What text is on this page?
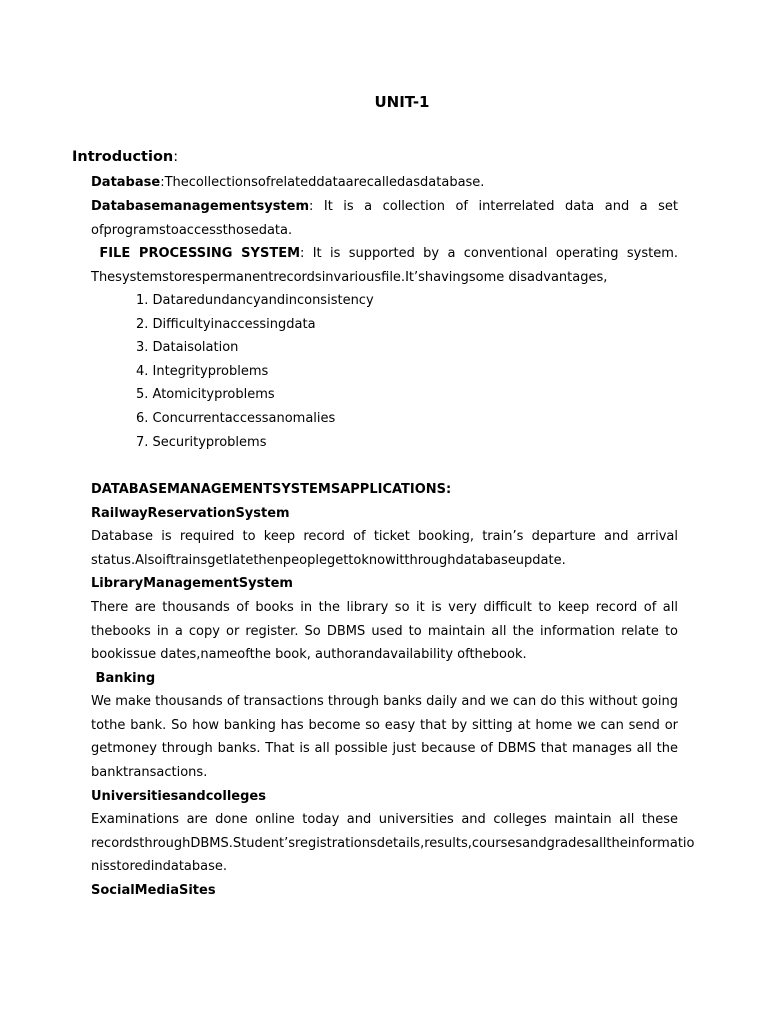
UNIT-1
Introduction:
Database:Thecollectionsofrelateddataarecalledasdatabase.
Databasemanagementsystem: It is a collection of interrelated data and a set ofprogramstoaccessthosedata.
FILE PROCESSING SYSTEM: It is supported by a conventional operating system. Thesystemstorespermanentrecordsinvariousfile.It’shavingsome disadvantages,
1. Dataredundancyandinconsistency
2. Difficultyinaccessingdata
3. Dataisolation
4. Integrityproblems
5. Atomicityproblems
6. Concurrentaccessanomalies
7. Securityproblems
DATABASEMANAGEMENTSYSTEMSAPPLICATIONS:
RailwayReservationSystem
Database is required to keep record of ticket booking, train’s departure and arrival status.Alsoiftrainsgetlatethenpeoplegettoknowitthroughdatabaseupdate.
LibraryManagementSystem
There are thousands of books in the library so it is very difficult to keep record of all thebooks in a copy or register. So DBMS used to maintain all the information relate to bookissue dates,nameofthe book, authorandavailability ofthebook.
Banking
We make thousands of transactions through banks daily and we can do this without going tothe bank. So how banking has become so easy that by sitting at home we can send or getmoney through banks. That is all possible just because of DBMS that manages all the banktransactions.
Universitiesandcolleges
Examinations are done online today and universities and colleges maintain all these recordsthroughDBMS.Student’sregistrationsdetails,results,coursesandgradesalltheinformatio nisstoredindatabase.
SocialMediaSites
